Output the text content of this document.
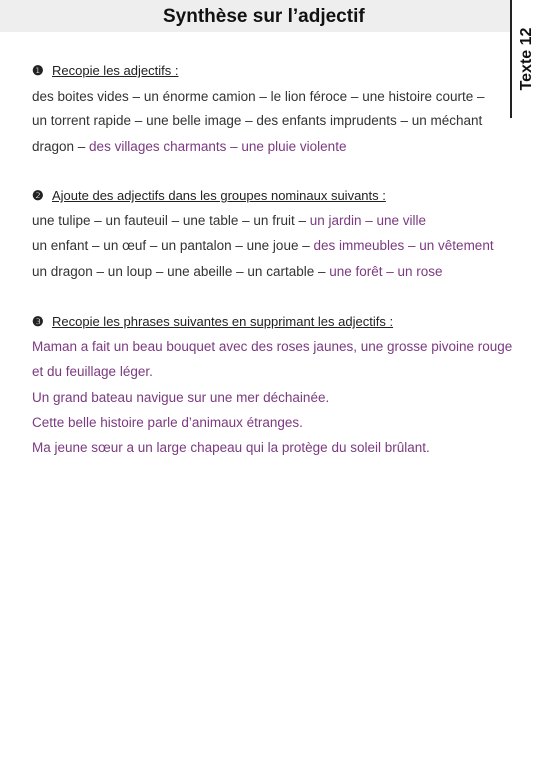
Synthèse sur l’adjectif
Texte 12
❶ Recopie les adjectifs :
des boites vides – un énorme camion – le lion féroce – une histoire courte –
un torrent rapide – une belle image – des enfants imprudents – un méchant
dragon – des villages charmants – une pluie violente
❷ Ajoute des adjectifs dans les groupes nominaux suivants :
une tulipe – un fauteuil – une table – un fruit – un jardin – une ville
un enfant – un œuf – un pantalon – une joue – des immeubles – un vêtement
un dragon – un loup – une abeille – un cartable – une forêt – un rose
❸ Recopie les phrases suivantes en supprimant les adjectifs :
Maman a fait un beau bouquet avec des roses jaunes, une grosse pivoine rouge
et du feuillage léger.
Un grand bateau navigue sur une mer déchainée.
Cette belle histoire parle d’animaux étranges.
Ma jeune sœur a un large chapeau qui la protège du soleil brûlant.
